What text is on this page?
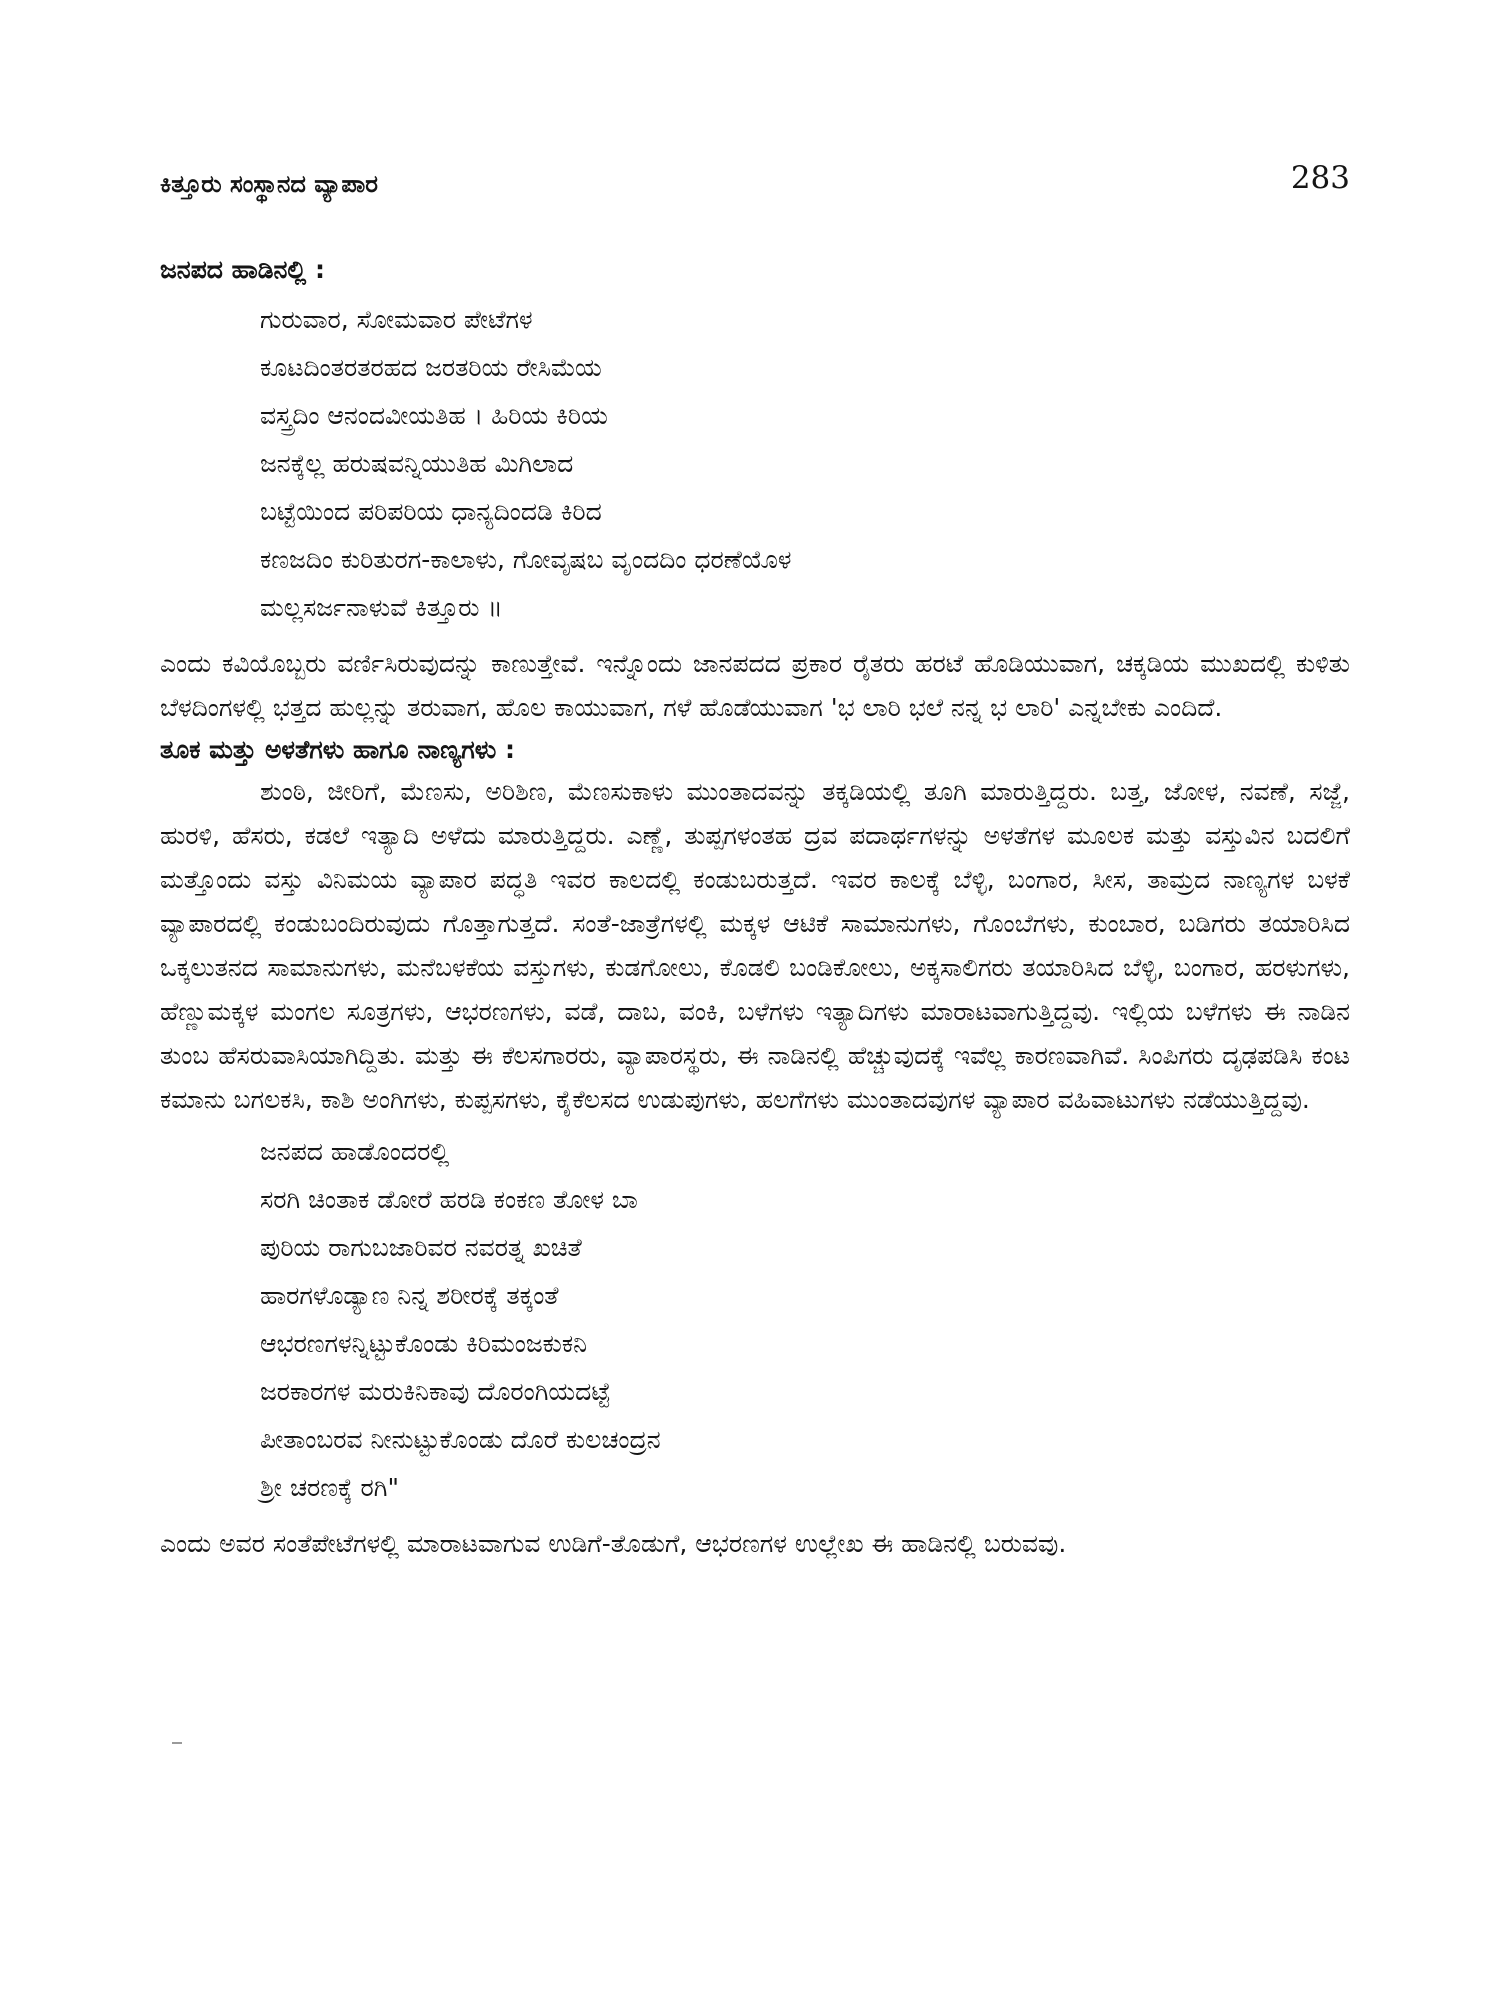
ಕಿತ್ತೂರು ಸಂಸ್ಥಾನದ ವ್ಯಾಪಾರ	283
ಜನಪದ ಹಾಡಿನಲ್ಲಿ :
ಗುರುವಾರ, ಸೋಮವಾರ ಪೇಟೆಗಳ
ಕೂಟದಿಂತರತರಹದ ಜರತರಿಯ ರೇಸಿಮೆಯ
ವಸ್ತ್ರದಿಂ ಆನಂದವೀಯತಿಹ । ಹಿರಿಯ ಕಿರಿಯ
ಜನಕ್ಕೆಲ್ಲ ಹರುಷವನ್ನಿಯುತಿಹ ಮಿಗಿಲಾದ
ಬಟ್ಟೆಯಿಂದ ಪರಿಪರಿಯ ಧಾನ್ಯದಿಂದಡಿ ಕಿರಿದ
ಕಣಜದಿಂ ಕುರಿತುರಗ-ಕಾಲಾಳು, ಗೋವೃಷಬ ವೃಂದದಿಂ ಧರಣೆಯೊಳ
ಮಲ್ಲಸರ್ಜನಾಳುವೆ ಕಿತ್ತೂರು ॥

ಎಂದು ಕವಿಯೊಬ್ಬರು ವರ್ಣಿಸಿರುವುದನ್ನು ಕಾಣುತ್ತೇವೆ. ಇನ್ನೊಂದು ಜಾನಪದದ ಪ್ರಕಾರ ರೈತರು ಹರಟೆ ಹೊಡಿಯುವಾಗ, ಚಕ್ಕಡಿಯ ಮುಖದಲ್ಲಿ ಕುಳಿತು ಬೆಳದಿಂಗಳಲ್ಲಿ ಭತ್ತದ ಹುಲ್ಲನ್ನು ತರುವಾಗ, ಹೊಲ ಕಾಯುವಾಗ, ಗಳೆ ಹೊಡೆಯುವಾಗ 'ಭ ಲಾರಿ ಭಲೆ ನನ್ನ ಭ ಲಾರಿ' ಎನ್ನಬೇಕು ಎಂದಿದೆ.

ತೂಕ ಮತ್ತು ಅಳತೆಗಳು ಹಾಗೂ ನಾಣ್ಯಗಳು :

ಶುಂಠಿ, ಜೀರಿಗೆ, ಮೆಣಸು, ಅರಿಶಿಣ, ಮೆಣಸುಕಾಳು ಮುಂತಾದವನ್ನು ತಕ್ಕಡಿಯಲ್ಲಿ ತೂಗಿ ಮಾರುತ್ತಿದ್ದರು. ಬತ್ತ, ಜೋಳ, ನವಣೆ, ಸಜ್ಜೆ, ಹುರಳಿ, ಹೆಸರು, ಕಡಲೆ ಇತ್ಯಾದಿ ಅಳೆದು ಮಾರುತ್ತಿದ್ದರು. ಎಣ್ಣೆ, ತುಪ್ಪಗಳಂತಹ ದ್ರವ ಪದಾರ್ಥಗಳನ್ನು ಅಳತೆಗಳ ಮೂಲಕ ಮತ್ತು ವಸ್ತುವಿನ ಬದಲಿಗೆ ಮತ್ತೊಂದು ವಸ್ತು ವಿನಿಮಯ ವ್ಯಾಪಾರ ಪದ್ಧತಿ ಇವರ ಕಾಲದಲ್ಲಿ ಕಂಡುಬರುತ್ತದೆ. ಇವರ ಕಾಲಕ್ಕೆ ಬೆಳ್ಳಿ, ಬಂಗಾರ, ಸೀಸ, ತಾಮ್ರದ ನಾಣ್ಯಗಳ ಬಳಕೆ ವ್ಯಾಪಾರದಲ್ಲಿ ಕಂಡುಬಂದಿರುವುದು ಗೊತ್ತಾಗುತ್ತದೆ. ಸಂತೆ-ಜಾತ್ರೆಗಳಲ್ಲಿ ಮಕ್ಕಳ ಆಟಿಕೆ ಸಾಮಾನುಗಳು, ಗೊಂಬೆಗಳು, ಕುಂಬಾರ, ಬಡಿಗರು ತಯಾರಿಸಿದ ಒಕ್ಕಲುತನದ ಸಾಮಾನುಗಳು, ಮನೆಬಳಕೆಯ ವಸ್ತುಗಳು, ಕುಡಗೋಲು, ಕೊಡಲಿ ಬಂಡಿಕೋಲು, ಅಕ್ಕಸಾಲಿಗರು ತಯಾರಿಸಿದ ಬೆಳ್ಳಿ, ಬಂಗಾರ, ಹರಳುಗಳು, ಹೆಣ್ಣುಮಕ್ಕಳ ಮಂಗಲ ಸೂತ್ರಗಳು, ಆಭರಣಗಳು, ವಡೆ, ದಾಬ, ವಂಕಿ, ಬಳೆಗಳು ಇತ್ಯಾದಿಗಳು ಮಾರಾಟವಾಗುತ್ತಿದ್ದವು. ಇಲ್ಲಿಯ ಬಳೆಗಳು ಈ ನಾಡಿನ ತುಂಬ ಹೆಸರುವಾಸಿಯಾಗಿದ್ದಿತು. ಮತ್ತು ಈ ಕೆಲಸಗಾರರು, ವ್ಯಾಪಾರಸ್ಥರು, ಈ ನಾಡಿನಲ್ಲಿ ಹೆಚ್ಚುವುದಕ್ಕೆ ಇವೆಲ್ಲ ಕಾರಣವಾಗಿವೆ. ಸಿಂಪಿಗರು ದೃಢಪಡಿಸಿ ಕಂಟ ಕಮಾನು ಬಗಲಕಸಿ, ಕಾಶಿ ಅಂಗಿಗಳು, ಕುಪ್ಪಸಗಳು, ಕೈಕೆಲಸದ ಉಡುಪುಗಳು, ಹಲಗೆಗಳು ಮುಂತಾದವುಗಳ ವ್ಯಾಪಾರ ವಹಿವಾಟುಗಳು ನಡೆಯುತ್ತಿದ್ದವು.

ಜನಪದ ಹಾಡೊಂದರಲ್ಲಿ
ಸರಗಿ ಚಿಂತಾಕ ಡೋರೆ ಹರಡಿ ಕಂಕಣ ತೋಳ ಬಾ
ಪುರಿಯ ರಾಗುಬಜಾರಿವರ ನವರತ್ನ ಖಚಿತೆ
ಹಾರಗಳೊಡ್ಯಾಣ ನಿನ್ನ ಶರೀರಕ್ಕೆ ತಕ್ಕಂತೆ
ಆಭರಣಗಳನ್ನಿಟ್ಟುಕೊಂಡು ಕಿರಿಮಂಜಕುಕನಿ
ಜರಕಾರಗಳ ಮರುಕಿನಿಕಾವು ದೊರಂಗಿಯದಟ್ಟೆ
ಪೀತಾಂಬರವ ನೀನುಟ್ಟುಕೊಂಡು ದೊರೆ ಕುಲಚಂದ್ರನ
ಶ್ರೀ ಚರಣಕ್ಕೆ ರಗಿ"

ಎಂದು ಅವರ ಸಂತೆಪೇಟೆಗಳಲ್ಲಿ ಮಾರಾಟವಾಗುವ ಉಡಿಗೆ-ತೊಡುಗೆ, ಆಭರಣಗಳ ಉಲ್ಲೇಖ ಈ ಹಾಡಿನಲ್ಲಿ ಬರುವವು.
